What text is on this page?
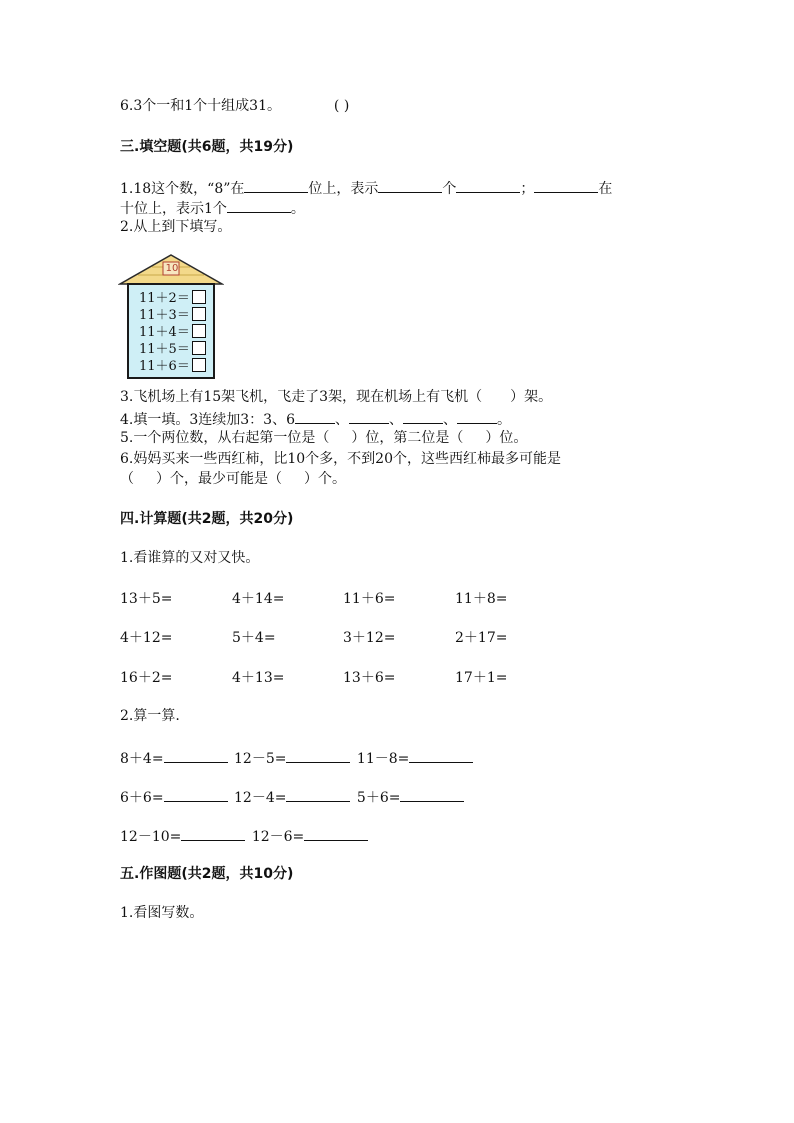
6.3个一和1个十组成31。	( )
三.填空题(共6题，共19分)
1.18这个数，“8”在	位上，表示	个	；	在
十位上，表示1个	。
2.从上到下填写。
10
11＋2＝
11＋3＝
11＋4＝
11＋5＝
11＋6＝
3.飞机场上有15架飞机，飞走了3架，现在机场上有飞机（ ）架。
4.填一填。3连续加3：3、6	、	、	、	。
5.一个两位数，从右起第一位是（ ）位，第二位是（ ）位。
6.妈妈买来一些西红柿，比10个多，不到20个，这些西红柿最多可能是
（ ）个，最少可能是（ ）个。
四.计算题(共2题，共20分)
1.看谁算的又对又快。
13＋5=	4＋14=	11＋6=	11＋8=
4＋12=	5＋4=	3＋12=	2＋17=
16＋2=	4＋13=	13＋6=	17＋1=
2.算一算.
8＋4=	12－5=	11－8=
6＋6=	12－4=	5＋6=
12－10=	12－6=
五.作图题(共2题，共10分)
1.看图写数。
